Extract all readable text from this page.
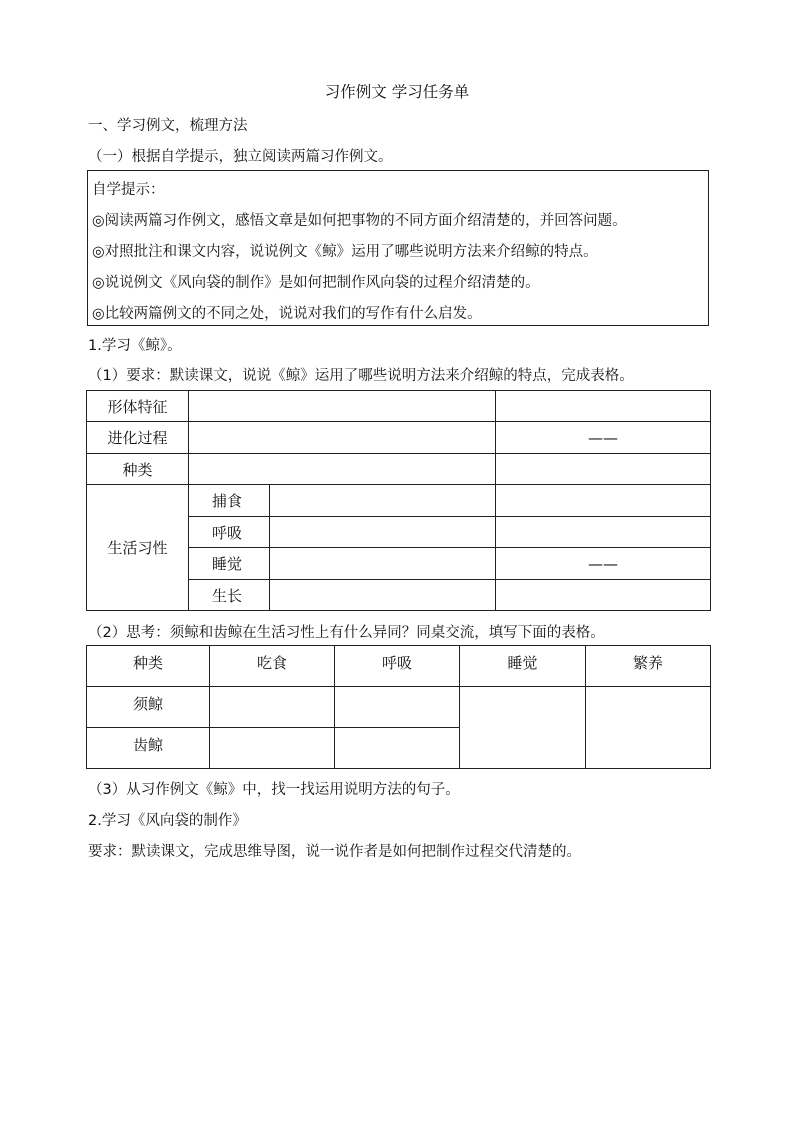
习作例文 学习任务单
一、学习例文，梳理方法
（一）根据自学提示，独立阅读两篇习作例文。
自学提示：
◎阅读两篇习作例文，感悟文章是如何把事物的不同方面介绍清楚的，并回答问题。
◎对照批注和课文内容，说说例文《鲸》运用了哪些说明方法来介绍鲸的特点。
◎说说例文《风向袋的制作》是如何把制作风向袋的过程介绍清楚的。
◎比较两篇例文的不同之处，说说对我们的写作有什么启发。
1.学习《鲸》。
（1）要求：默读课文，说说《鲸》运用了哪些说明方法来介绍鲸的特点，完成表格。
形体特征			
进化过程			——
种类			
生活习性	捕食		
	呼吸		
	睡觉		——
	生长		
（2）思考：须鲸和齿鲸在生活习性上有什么异同？同桌交流，填写下面的表格。
种类	吃食	呼吸	睡觉	繁养
须鲸				
齿鲸				
（3）从习作例文《鲸》中，找一找运用说明方法的句子。
2.学习《风向袋的制作》
要求：默读课文，完成思维导图，说一说作者是如何把制作过程交代清楚的。
